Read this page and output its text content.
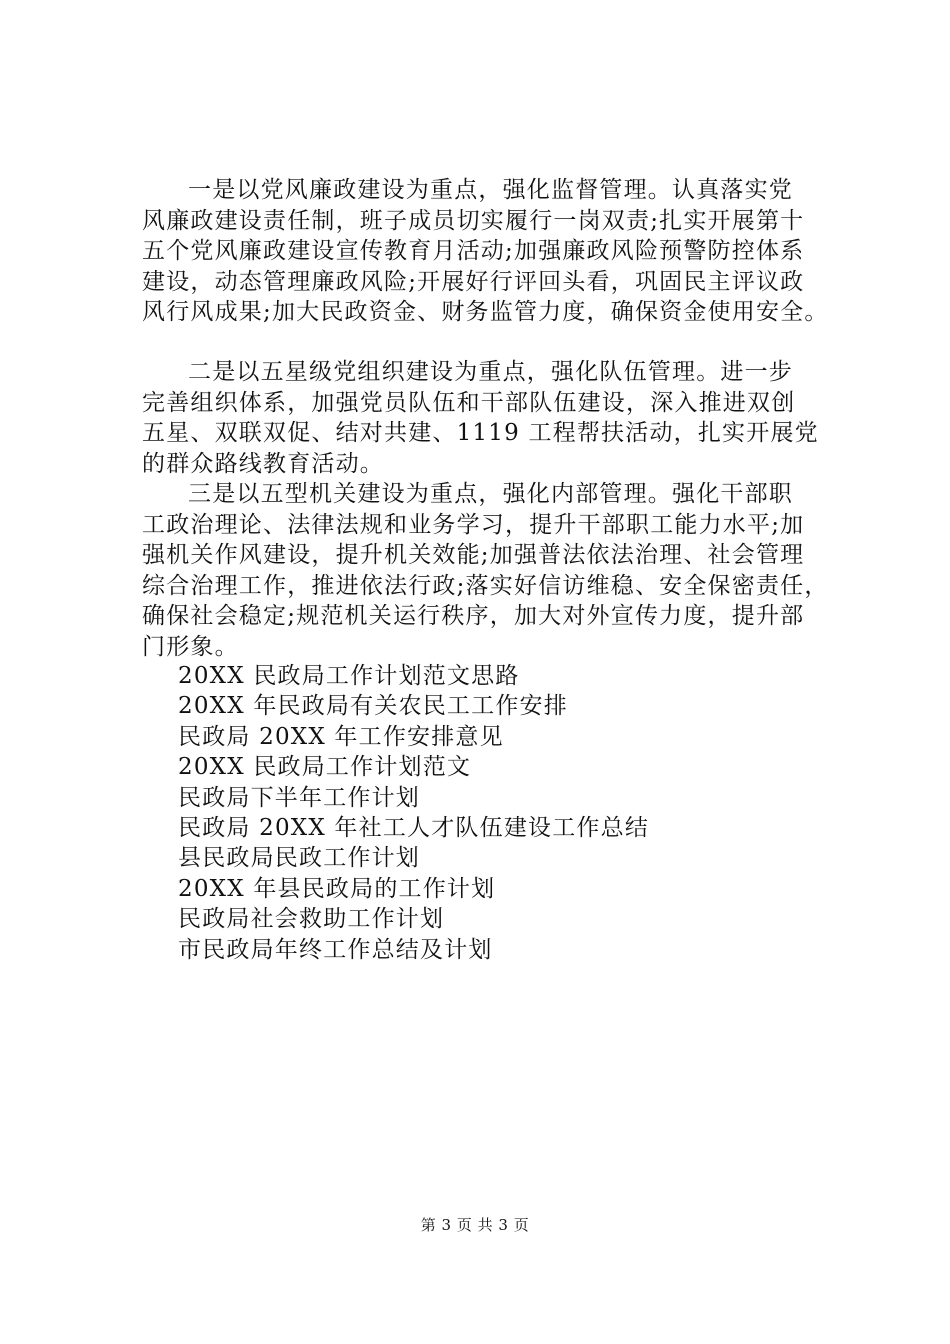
一是以党风廉政建设为重点，强化监督管理。认真落实党
风廉政建设责任制，班子成员切实履行一岗双责;扎实开展第十
五个党风廉政建设宣传教育月活动;加强廉政风险预警防控体系
建设，动态管理廉政风险;开展好行评回头看，巩固民主评议政
风行风成果;加大民政资金、财务监管力度，确保资金使用安全。
二是以五星级党组织建设为重点，强化队伍管理。进一步
完善组织体系，加强党员队伍和干部队伍建设，深入推进双创
五星、双联双促、结对共建、1119 工程帮扶活动，扎实开展党
的群众路线教育活动。
三是以五型机关建设为重点，强化内部管理。强化干部职
工政治理论、法律法规和业务学习，提升干部职工能力水平;加
强机关作风建设，提升机关效能;加强普法依法治理、社会管理
综合治理工作，推进依法行政;落实好信访维稳、安全保密责任，
确保社会稳定;规范机关运行秩序，加大对外宣传力度，提升部
门形象。
20XX 民政局工作计划范文思路
20XX 年民政局有关农民工工作安排
民政局 20XX 年工作安排意见
20XX 民政局工作计划范文
民政局下半年工作计划
民政局 20XX 年社工人才队伍建设工作总结
县民政局民政工作计划
20XX 年县民政局的工作计划
民政局社会救助工作计划
市民政局年终工作总结及计划
第 3 页 共 3 页
